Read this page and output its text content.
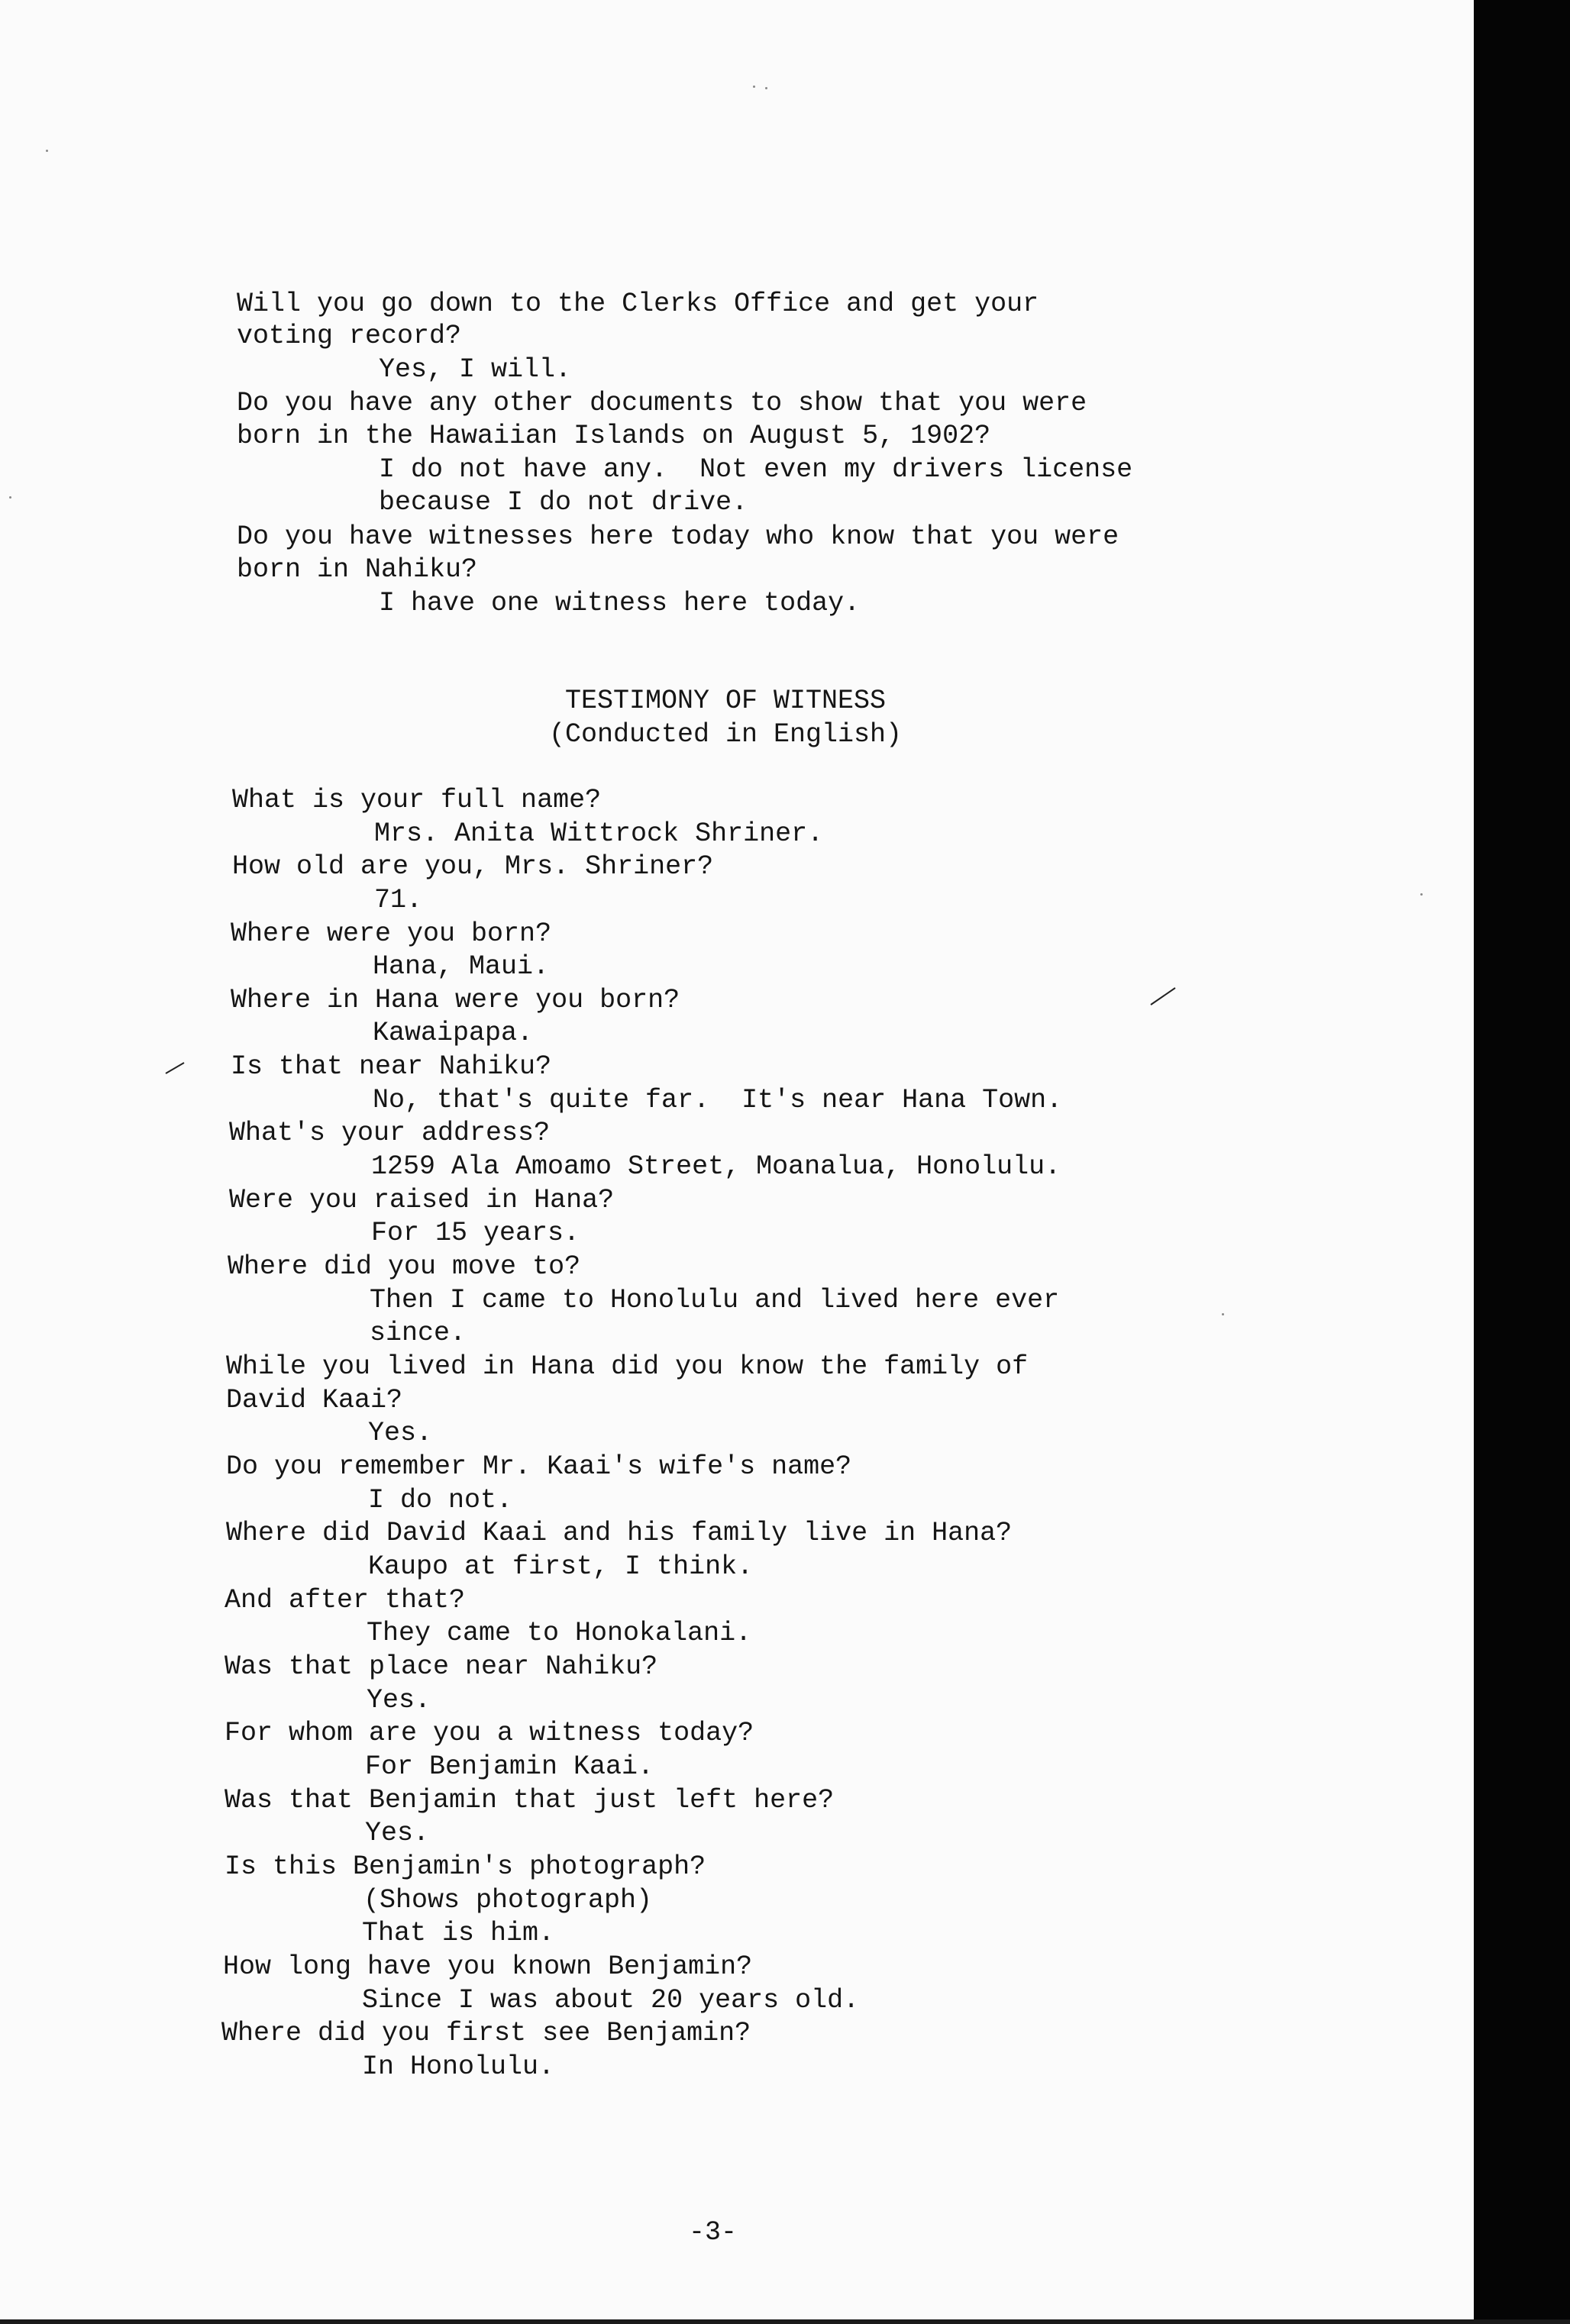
Will you go down to the Clerks Office and get your
voting record?
Yes, I will.
Do you have any other documents to show that you were
born in the Hawaiian Islands on August 5, 1902?
I do not have any.  Not even my drivers license
because I do not drive.
Do you have witnesses here today who know that you were
born in Nahiku?
I have one witness here today.
TESTIMONY OF WITNESS
(Conducted in English)
What is your full name?
Mrs. Anita Wittrock Shriner.
How old are you, Mrs. Shriner?
71.
Where were you born?
Hana, Maui.
Where in Hana were you born?
Kawaipapa.
Is that near Nahiku?
No, that's quite far.  It's near Hana Town.
What's your address?
1259 Ala Amoamo Street, Moanalua, Honolulu.
Were you raised in Hana?
For 15 years.
Where did you move to?
Then I came to Honolulu and lived here ever
since.
While you lived in Hana did you know the family of
David Kaai?
Yes.
Do you remember Mr. Kaai's wife's name?
I do not.
Where did David Kaai and his family live in Hana?
Kaupo at first, I think.
And after that?
They came to Honokalani.
Was that place near Nahiku?
Yes.
For whom are you a witness today?
For Benjamin Kaai.
Was that Benjamin that just left here?
Yes.
Is this Benjamin's photograph?
(Shows photograph)
That is him.
How long have you known Benjamin?
Since I was about 20 years old.
Where did you first see Benjamin?
In Honolulu.
-3-
